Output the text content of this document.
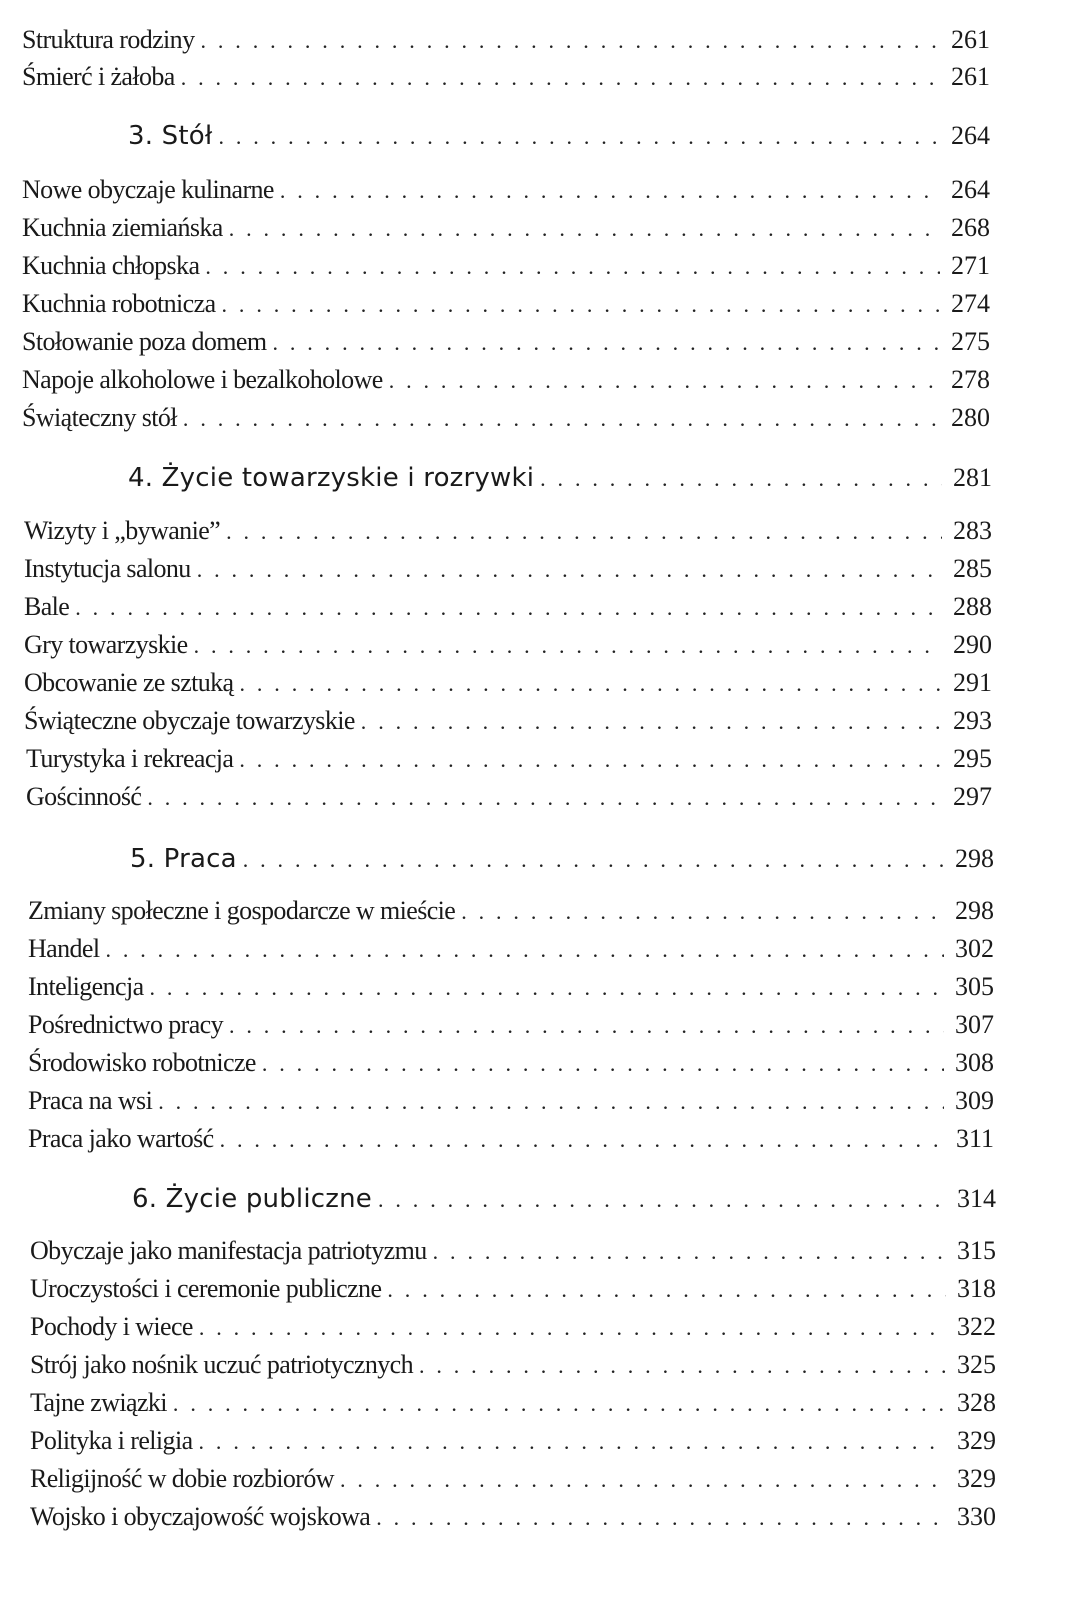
Struktura rodziny . . .	261
Śmierć i żałoba . . .	261
3. Stół . . .	264
Nowe obyczaje kulinarne . . .	264
Kuchnia ziemiańska . . .	268
Kuchnia chłopska . . .	271
Kuchnia robotnicza . . .	274
Stołowanie poza domem . . .	275
Napoje alkoholowe i bezalkoholowe . . .	278
Świąteczny stół . . .	280
4. Życie towarzyskie i rozrywki . . .	281
Wizyty i „bywanie” . . .	283
Instytucja salonu . . .	285
Bale . . .	288
Gry towarzyskie . . .	290
Obcowanie ze sztuką . . .	291
Świąteczne obyczaje towarzyskie . . .	293
Turystyka i rekreacja . . .	295
Gościnność . . .	297
5. Praca . . .	298
Zmiany społeczne i gospodarcze w mieście . . .	298
Handel . . .	302
Inteligencja . . .	305
Pośrednictwo pracy . . .	307
Środowisko robotnicze . . .	308
Praca na wsi . . .	309
Praca jako wartość . . .	311
6. Życie publiczne . . .	314
Obyczaje jako manifestacja patriotyzmu . . .	315
Uroczystości i ceremonie publiczne . . .	318
Pochody i wiece . . .	322
Strój jako nośnik uczuć patriotycznych . . .	325
Tajne związki . . .	328
Polityka i religia . . .	329
Religijność w dobie rozbiorów . . .	329
Wojsko i obyczajowość wojskowa . . .	330
